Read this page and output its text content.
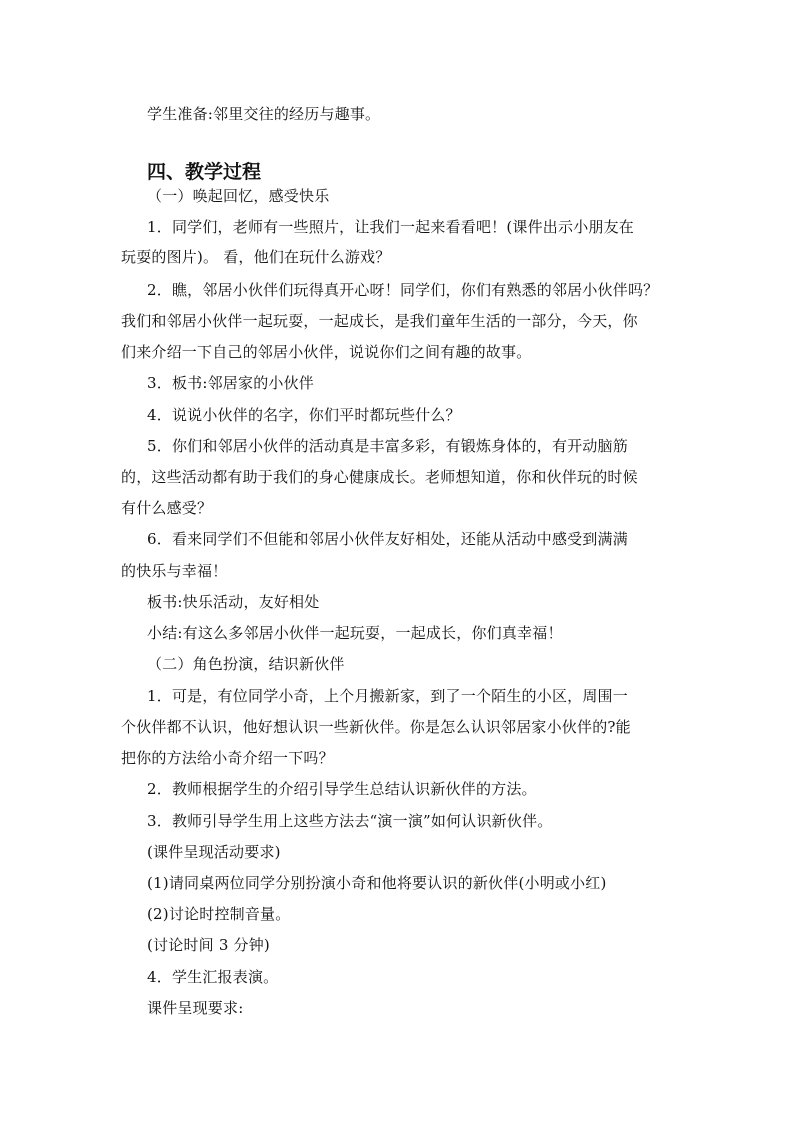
学生准备:邻里交往的经历与趣事。
四、教学过程
（一）唤起回忆，感受快乐
1．同学们，老师有一些照片，让我们一起来看看吧！(课件出示小朋友在
玩耍的图片)。 看，他们在玩什么游戏？
2．瞧，邻居小伙伴们玩得真开心呀！同学们，你们有熟悉的邻居小伙伴吗？
我们和邻居小伙伴一起玩耍，一起成长，是我们童年生活的一部分，今天，你
们来介绍一下自己的邻居小伙伴，说说你们之间有趣的故事。
3．板书:邻居家的小伙伴
4．说说小伙伴的名字，你们平时都玩些什么？
5．你们和邻居小伙伴的活动真是丰富多彩，有锻炼身体的，有开动脑筋
的，这些活动都有助于我们的身心健康成长。老师想知道，你和伙伴玩的时候
有什么感受？
6．看来同学们不但能和邻居小伙伴友好相处，还能从活动中感受到满满
的快乐与幸福！
板书:快乐活动，友好相处
小结:有这么多邻居小伙伴一起玩耍，一起成长，你们真幸福！
（二）角色扮演，结识新伙伴
1．可是，有位同学小奇，上个月搬新家，到了一个陌生的小区，周围一
个伙伴都不认识，他好想认识一些新伙伴。你是怎么认识邻居家小伙伴的?能
把你的方法给小奇介绍一下吗？
2．教师根据学生的介绍引导学生总结认识新伙伴的方法。
3．教师引导学生用上这些方法去“演一演”如何认识新伙伴。
(课件呈现活动要求)
(1)请同桌两位同学分别扮演小奇和他将要认识的新伙伴(小明或小红)
(2)讨论时控制音量。
(讨论时间 3 分钟)
4．学生汇报表演。
课件呈现要求:
